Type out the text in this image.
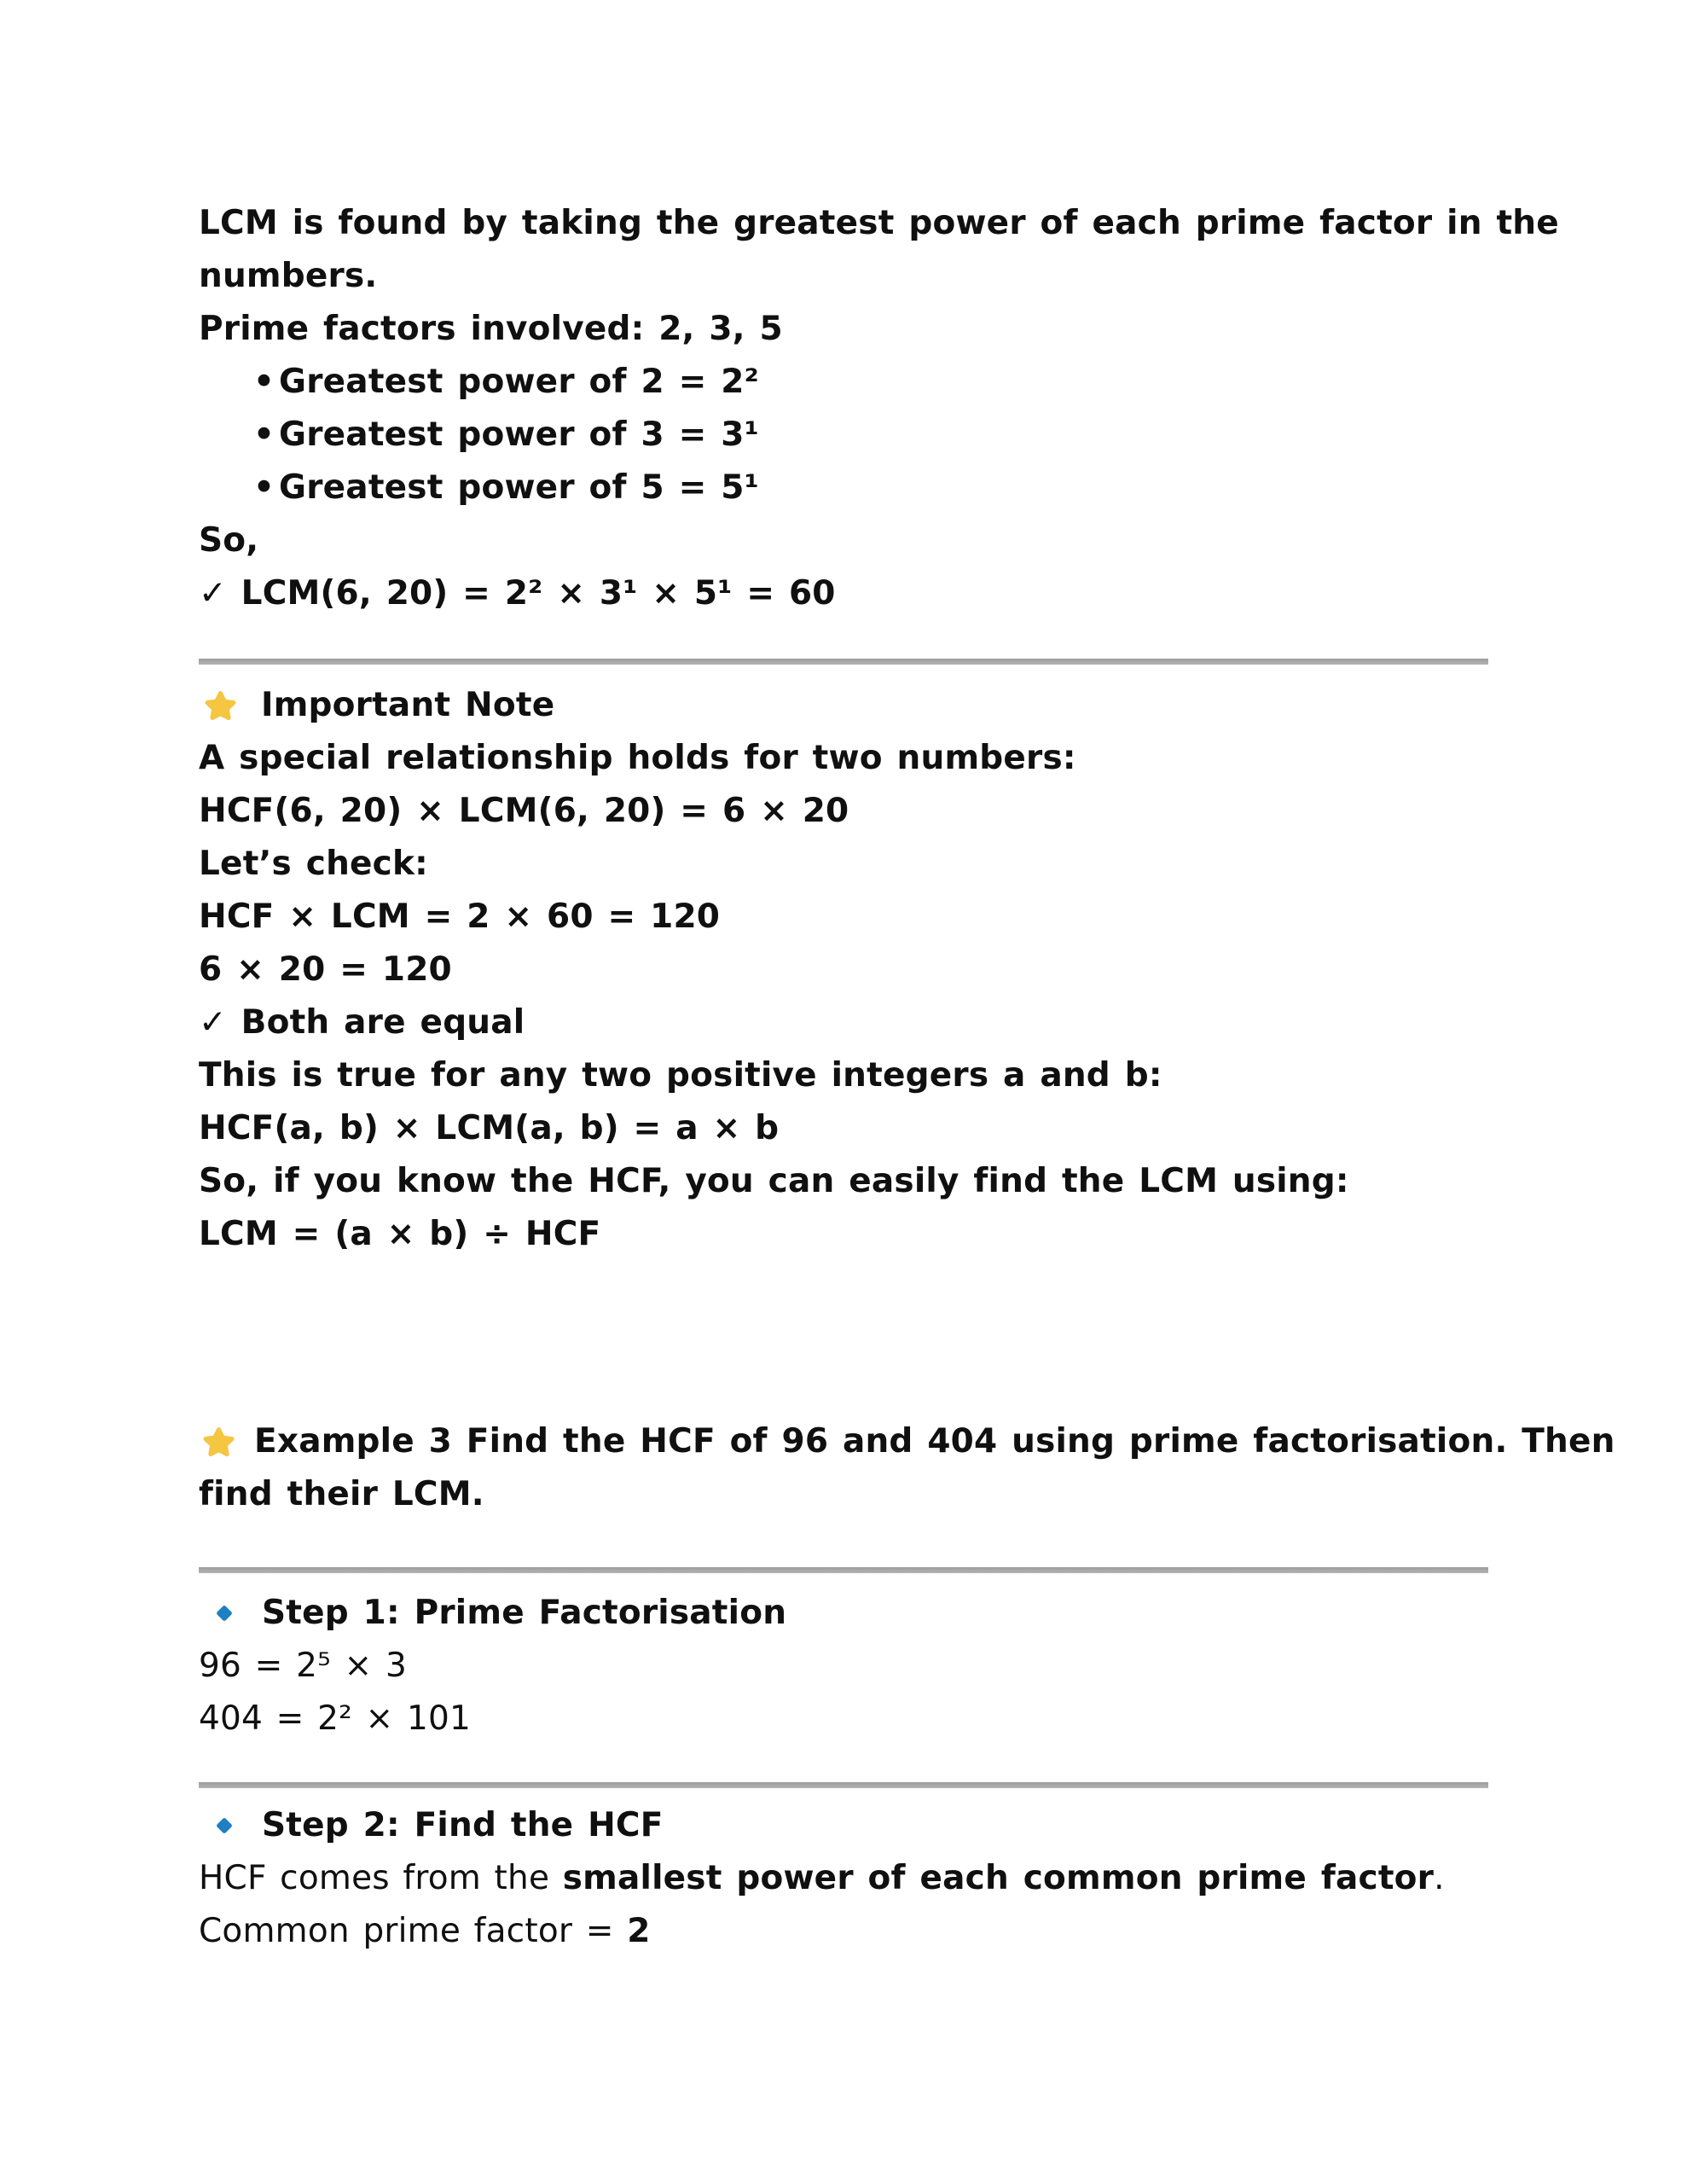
LCM is found by taking the greatest power of each prime factor in the
numbers.
Prime factors involved: 2, 3, 5
• Greatest power of 2 = 2²
• Greatest power of 3 = 3¹
• Greatest power of 5 = 5¹
So,
✓ LCM(6, 20) = 2² × 3¹ × 5¹ = 60
Important Note
A special relationship holds for two numbers:
HCF(6, 20) × LCM(6, 20) = 6 × 20
Let’s check:
HCF × LCM = 2 × 60 = 120
6 × 20 = 120
✓ Both are equal
This is true for any two positive integers a and b:
HCF(a, b) × LCM(a, b) = a × b
So, if you know the HCF, you can easily find the LCM using:
LCM = (a × b) ÷ HCF
Example 3 Find the HCF of 96 and 404 using prime factorisation. Then
find their LCM.
Step 1: Prime Factorisation
96 = 2⁵ × 3
404 = 2² × 101
Step 2: Find the HCF
HCF comes from the smallest power of each common prime factor.
Common prime factor = 2
